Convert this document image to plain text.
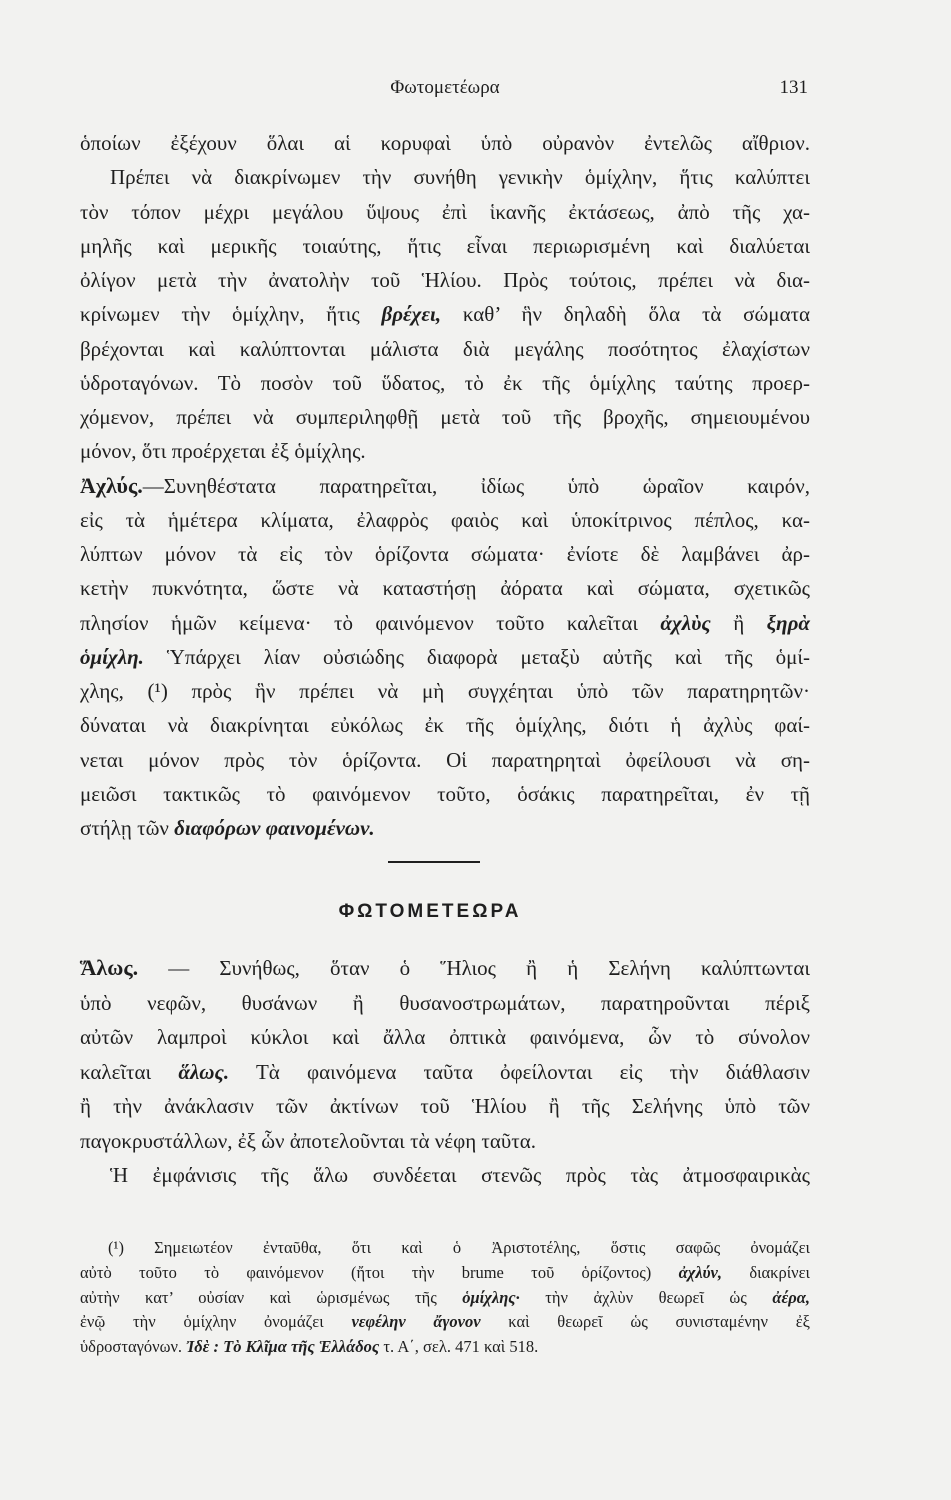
Φωτομετέωρα	131
ὁποίων ἐξέχουν ὅλαι αἱ κορυφαὶ ὑπὸ οὐρανὸν ἐντελῶς αἴθριον.
Πρέπει νὰ διακρίνωμεν τὴν συνήθη γενικὴν ὁμίχλην, ἥτις καλύπτει
τὸν τόπον μέχρι μεγάλου ὕψους ἐπὶ ἱκανῆς ἐκτάσεως, ἀπὸ τῆς χα-
μηλῆς καὶ μερικῆς τοιαύτης, ἥτις εἶναι περιωρισμένη καὶ διαλύεται
ὀλίγον μετὰ τὴν ἀνατολὴν τοῦ Ἡλίου. Πρὸς τούτοις, πρέπει νὰ δια-
κρίνωμεν τὴν ὁμίχλην, ἥτις βρέχει, καθ’ ἣν δηλαδὴ ὅλα τὰ σώματα
βρέχονται καὶ καλύπτονται μάλιστα διὰ μεγάλης ποσότητος ἐλαχίστων
ὑδροταγόνων. Τὸ ποσὸν τοῦ ὕδατος, τὸ ἐκ τῆς ὁμίχλης ταύτης προερ-
χόμενον, πρέπει νὰ συμπεριληφθῇ μετὰ τοῦ τῆς βροχῆς, σημειουμένου
μόνον, ὅτι προέρχεται ἐξ ὁμίχλης.
Ἀχλύς.—Συνηθέστατα παρατηρεῖται, ἰδίως ὑπὸ ὡραῖον καιρόν,
εἰς τὰ ἡμέτερα κλίματα, ἐλαφρὸς φαιὸς καὶ ὑποκίτρινος πέπλος, κα-
λύπτων μόνον τὰ εἰς τὸν ὁρίζοντα σώματα· ἐνίοτε δὲ λαμβάνει ἀρ-
κετὴν πυκνότητα, ὥστε νὰ καταστήσῃ ἀόρατα καὶ σώματα, σχετικῶς
πλησίον ἡμῶν κείμενα· τὸ φαινόμενον τοῦτο καλεῖται ἀχλὺς ἢ ξηρὰ
ὁμίχλη. Ὑπάρχει λίαν οὐσιώδης διαφορὰ μεταξὺ αὐτῆς καὶ τῆς ὁμί-
χλης, (¹) πρὸς ἣν πρέπει νὰ μὴ συγχέηται ὑπὸ τῶν παρατηρητῶν·
δύναται νὰ διακρίνηται εὐκόλως ἐκ τῆς ὁμίχλης, διότι ἡ ἀχλὺς φαί-
νεται μόνον πρὸς τὸν ὁρίζοντα. Οἱ παρατηρηταὶ ὀφείλουσι νὰ ση-
μειῶσι τακτικῶς τὸ φαινόμενον τοῦτο, ὁσάκις παρατηρεῖται, ἐν τῇ
στήλῃ τῶν διαφόρων φαινομένων.
ΦΩΤΟΜΕΤΕΩΡΑ
Ἅλως. — Συνήθως, ὅταν ὁ Ἥλιος ἢ ἡ Σελήνη καλύπτωνται
ὑπὸ νεφῶν, θυσάνων ἢ θυσανοστρωμάτων, παρατηροῦνται πέριξ
αὐτῶν λαμπροὶ κύκλοι καὶ ἄλλα ὀπτικὰ φαινόμενα, ὧν τὸ σύνολον
καλεῖται ἅλως. Τὰ φαινόμενα ταῦτα ὀφείλονται εἰς τὴν διάθλασιν
ἢ τὴν ἀνάκλασιν τῶν ἀκτίνων τοῦ Ἡλίου ἢ τῆς Σελήνης ὑπὸ τῶν
παγοκρυστάλλων, ἐξ ὧν ἀποτελοῦνται τὰ νέφη ταῦτα.
Ἡ ἐμφάνισις τῆς ἅλω συνδέεται στενῶς πρὸς τὰς ἀτμοσφαιρικὰς
(¹) Σημειωτέον ἐνταῦθα, ὅτι καὶ ὁ Ἀριστοτέλης, ὅστις σαφῶς ὀνομάζει
αὐτὸ τοῦτο τὸ φαινόμενον (ἤτοι τὴν brume τοῦ ὁρίζοντος) ἀχλύν, διακρίνει
αὐτὴν κατ’ οὐσίαν καὶ ὡρισμένως τῆς ὁμίχλης· τὴν ἀχλὺν θεωρεῖ ὡς ἀέρα,
ἐνῷ τὴν ὁμίχλην ὀνομάζει νεφέλην ἄγονον καὶ θεωρεῖ ὡς συνισταμένην ἐξ
ὑδροσταγόνων. Ἰδὲ : Τὸ Κλῖμα τῆς Ἑλλάδος τ. Α΄, σελ. 471 καὶ 518.
